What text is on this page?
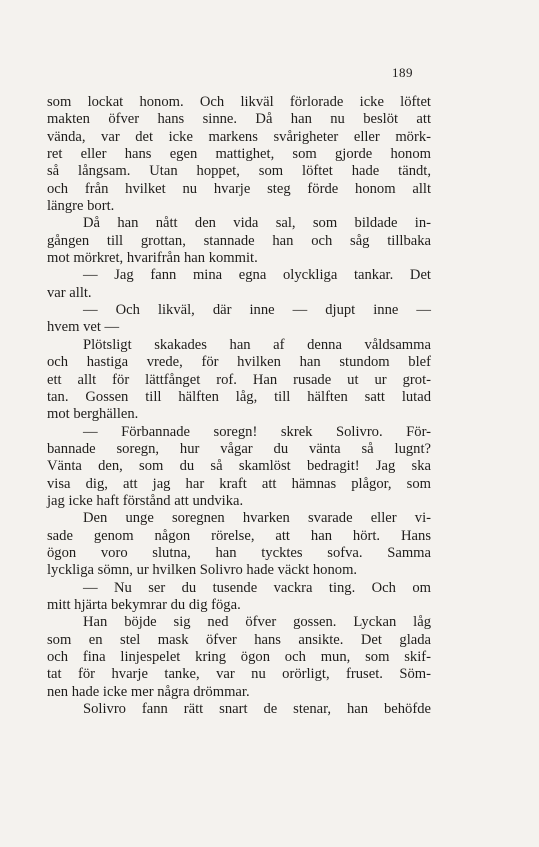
189
som lockat honom. Och likväl förlorade icke löftet
makten öfver hans sinne. Då han nu beslöt att
vända, var det icke markens svårigheter eller mörk-
ret eller hans egen mattighet, som gjorde honom
så långsam. Utan hoppet, som löftet hade tändt,
och från hvilket nu hvarje steg förde honom allt
längre bort.
Då han nått den vida sal, som bildade in-
gången till grottan, stannade han och såg tillbaka
mot mörkret, hvarifrån han kommit.
— Jag fann mina egna olyckliga tankar. Det
var allt.
— Och likväl, där inne — djupt inne —
hvem vet —
Plötsligt skakades han af denna våldsamma
och hastiga vrede, för hvilken han stundom blef
ett allt för lättfånget rof. Han rusade ut ur grot-
tan. Gossen till hälften låg, till hälften satt lutad
mot berghällen.
— Förbannade soregn! skrek Solivro. För-
bannade soregn, hur vågar du vänta så lugnt?
Vänta den, som du så skamlöst bedragit! Jag ska
visa dig, att jag har kraft att hämnas plågor, som
jag icke haft förstånd att undvika.
Den unge soregnen hvarken svarade eller vi-
sade genom någon rörelse, att han hört. Hans
ögon voro slutna, han tycktes sofva. Samma
lyckliga sömn, ur hvilken Solivro hade väckt honom.
— Nu ser du tusende vackra ting. Och om
mitt hjärta bekymrar du dig föga.
Han böjde sig ned öfver gossen. Lyckan låg
som en stel mask öfver hans ansikte. Det glada
och fina linjespelet kring ögon och mun, som skif-
tat för hvarje tanke, var nu orörligt, fruset. Söm-
nen hade icke mer några drömmar.
Solivro fann rätt snart de stenar, han behöfde
